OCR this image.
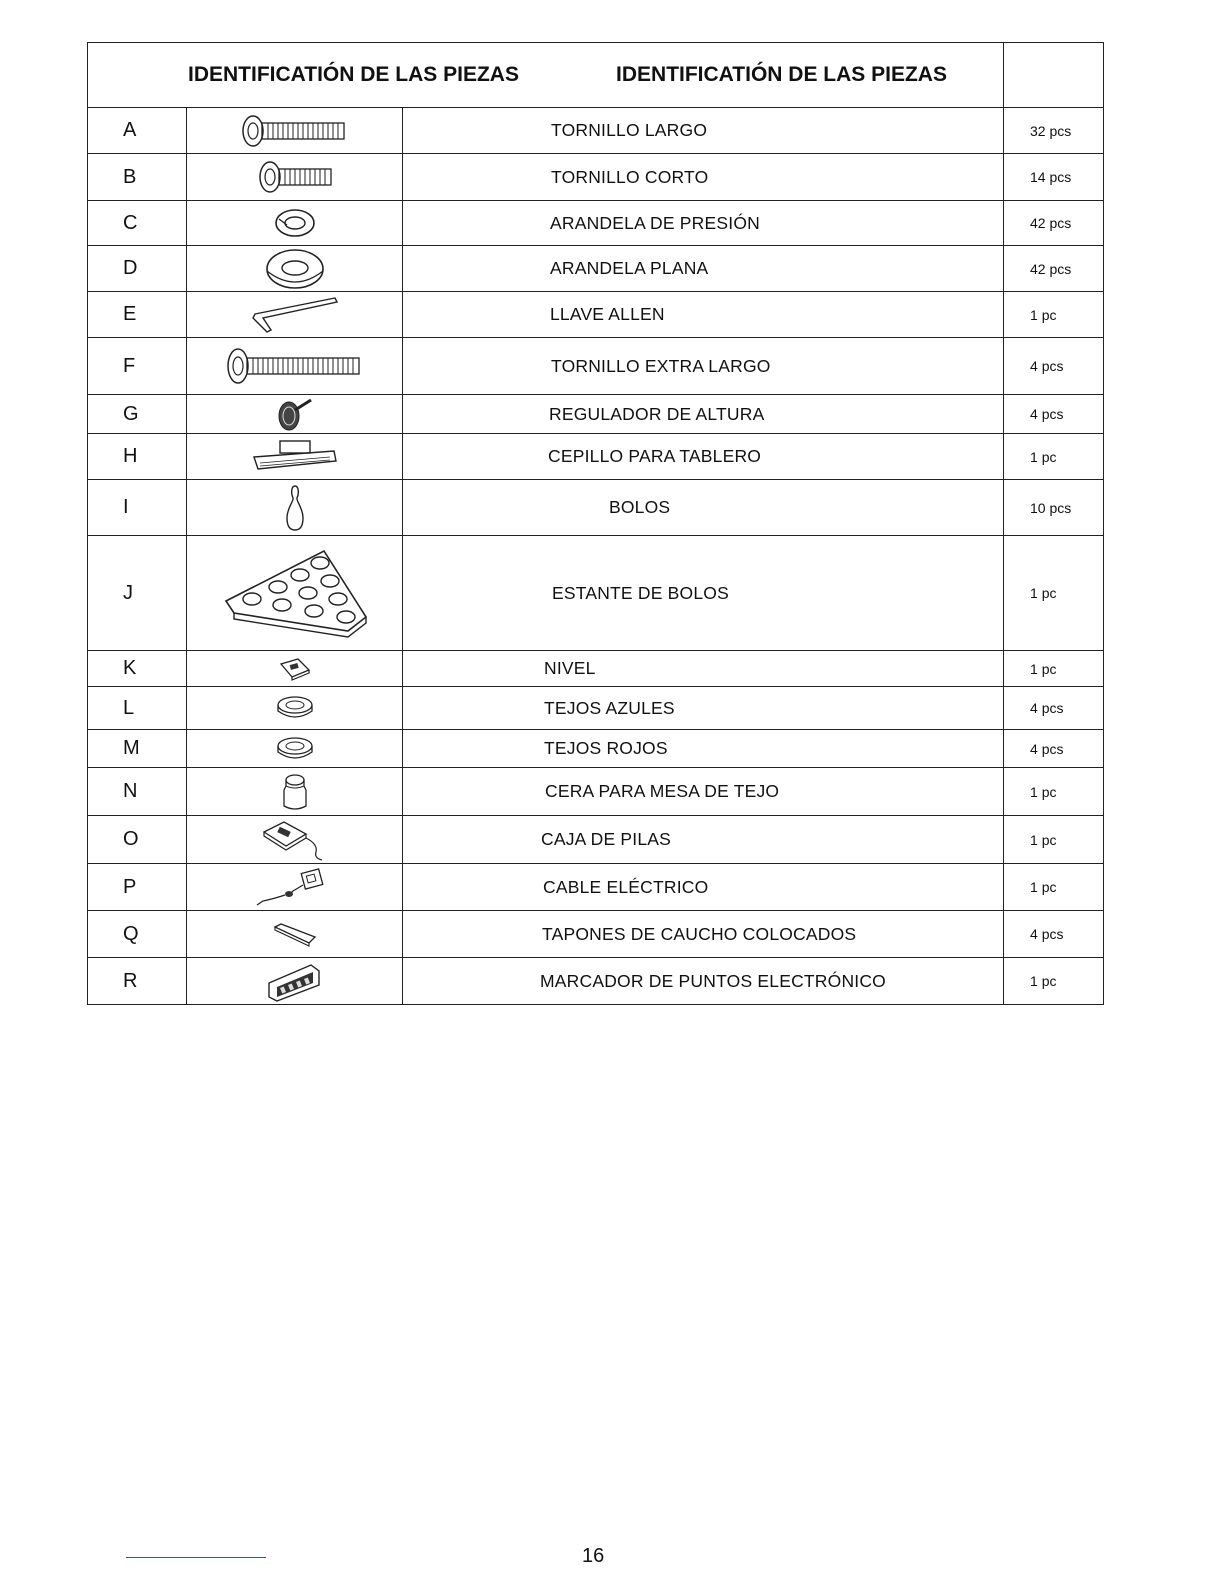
IDENTIFICATIÓN DE LAS PIEZAS			IDENTIFICATIÓN DE LAS PIEZAS

A		TORNILLO LARGO	32 pcs
B		TORNILLO CORTO	14 pcs
C		ARANDELA DE PRESIÓN	42 pcs
D		ARANDELA PLANA	42 pcs
E		LLAVE ALLEN	1 pc
F		TORNILLO EXTRA LARGO	4 pcs
G		REGULADOR DE ALTURA	4 pcs
H		CEPILLO PARA TABLERO	1 pc
I		BOLOS	10 pcs
J		ESTANTE DE BOLOS	1 pc
K		NIVEL	1 pc
L		TEJOS AZULES	4 pcs
M		TEJOS ROJOS	4 pcs
N		CERA PARA MESA DE TEJO	1 pc
O		CAJA DE PILAS	1 pc
P		CABLE ELÉCTRICO	1 pc
Q		TAPONES DE CAUCHO COLOCADOS	4 pcs
R		MARCADOR DE PUNTOS ELECTRÓNICO	1 pc
16
